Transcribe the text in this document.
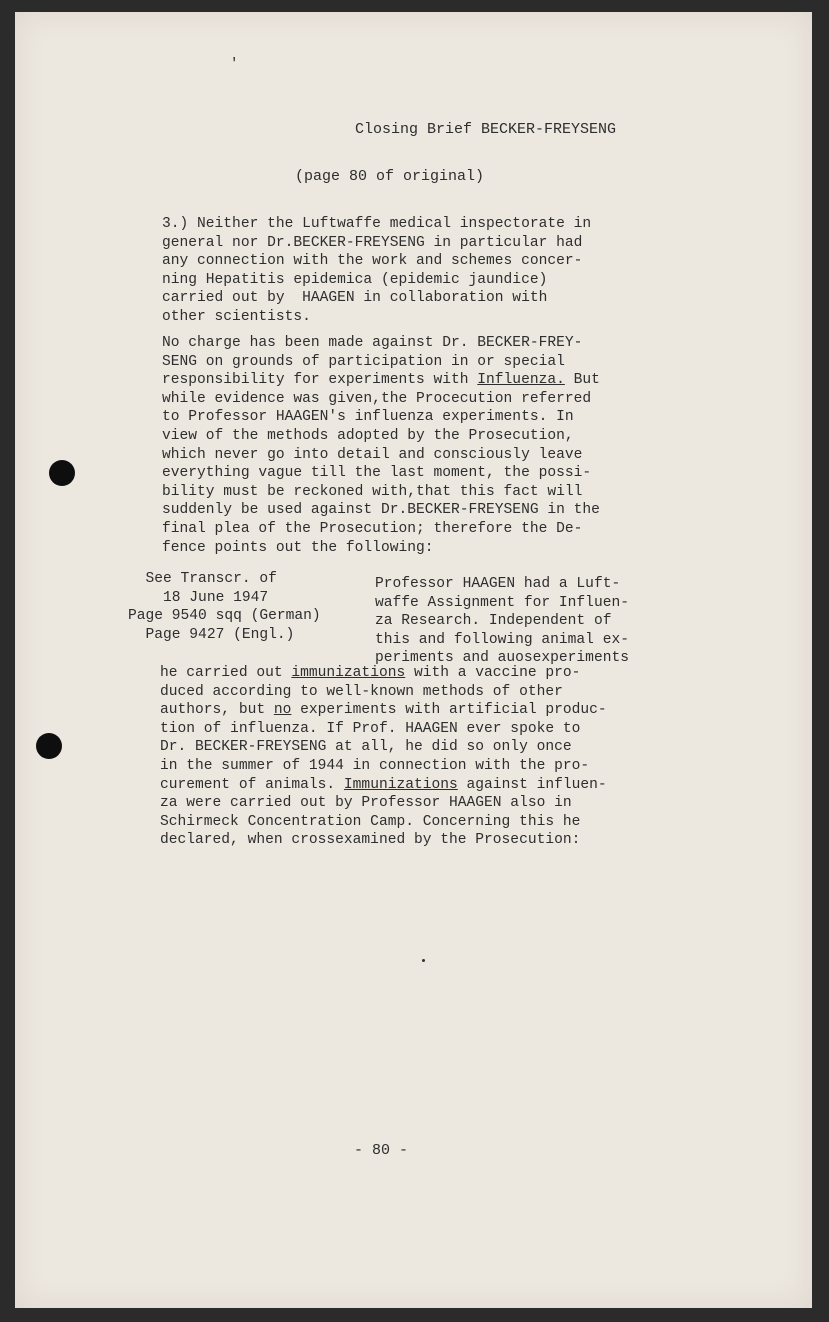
'
Closing Brief BECKER-FREYSENG
(page 80 of original)
3.) Neither the Luftwaffe medical inspectorate in
general nor Dr.BECKER-FREYSENG in particular had
any connection with the work and schemes concer-
ning Hepatitis epidemica (epidemic jaundice)
carried out by  HAAGEN in collaboration with
other scientists.
No charge has been made against Dr. BECKER-FREY-
SENG on grounds of participation in or special
responsibility for experiments with Influenza. But
while evidence was given,the Procecution referred
to Professor HAAGEN's influenza experiments. In
view of the methods adopted by the Prosecution,
which never go into detail and consciously leave
everything vague till the last moment, the possi-
bility must be reckoned with,that this fact will
suddenly be used against Dr.BECKER-FREYSENG in the
final plea of the Prosecution; therefore the De-
fence points out the following:
See Transcr. of
18 June 1947
Page 9540 sqq (German)
Page 9427 (Engl.)
Professor HAAGEN had a Luft-
waffe Assignment for Influen-
za Research. Independent of
this and following animal ex-
periments and auosexperiments
he carried out immunizations with a vaccine pro-
duced according to well-known methods of other
authors, but no experiments with artificial produc-
tion of influenza. If Prof. HAAGEN ever spoke to
Dr. BECKER-FREYSENG at all, he did so only once
in the summer of 1944 in connection with the pro-
curement of animals. Immunizations against influen-
za were carried out by Professor HAAGEN also in
Schirmeck Concentration Camp. Concerning this he
declared, when crossexamined by the Prosecution:
- 80 -
